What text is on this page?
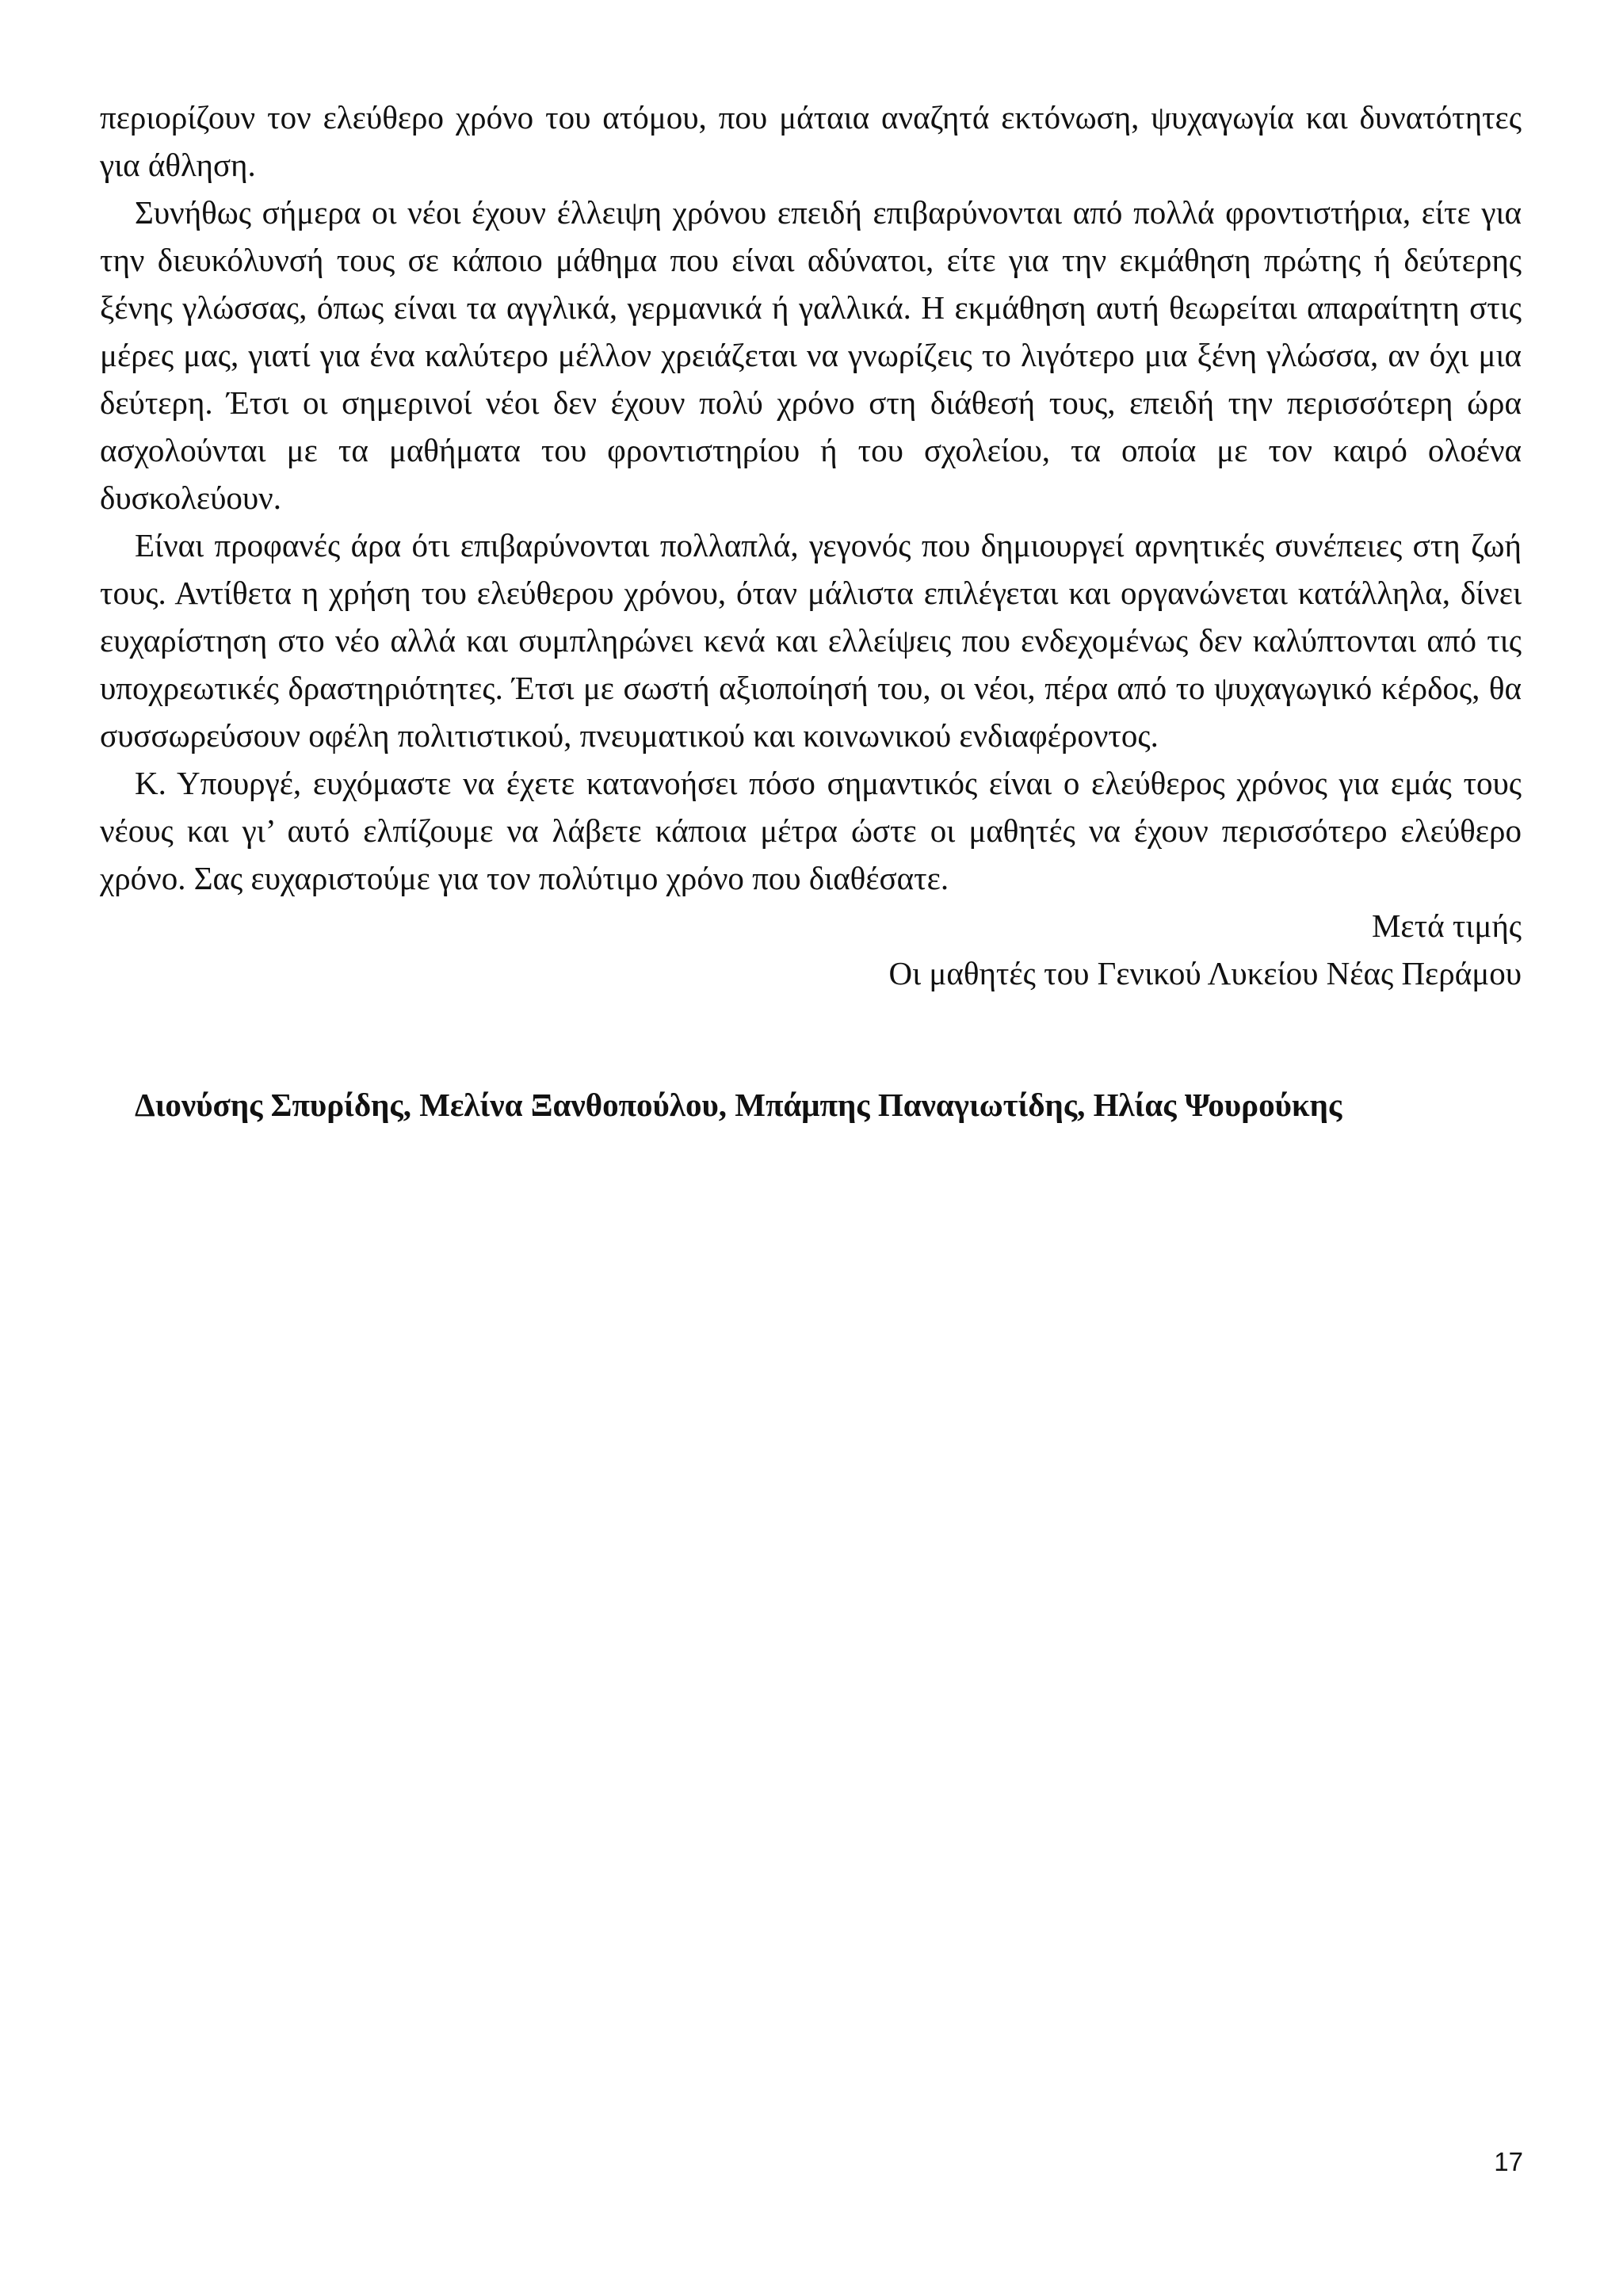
περιορίζουν τον ελεύθερο χρόνο του ατόμου, που μάταια αναζητά εκτόνωση, ψυχαγωγία και δυνατότητες για άθληση.

Συνήθως σήμερα οι νέοι έχουν έλλειψη χρόνου επειδή επιβαρύνονται από πολλά φροντιστήρια, είτε για την διευκόλυνσή τους σε κάποιο μάθημα που είναι αδύνατοι, είτε για την εκμάθηση πρώτης ή δεύτερης ξένης γλώσσας, όπως είναι τα αγγλικά, γερμανικά ή γαλλικά. Η εκμάθηση αυτή θεωρείται απαραίτητη στις μέρες μας, γιατί για ένα καλύτερο μέλλον χρειάζεται να γνωρίζεις το λιγότερο μια ξένη γλώσσα, αν όχι μια δεύτερη. Έτσι οι σημερινοί νέοι δεν έχουν πολύ χρόνο στη διάθεσή τους, επειδή την περισσότερη ώρα ασχολούνται με τα μαθήματα του φροντιστηρίου ή του σχολείου, τα οποία με τον καιρό ολοένα δυσκολεύουν.

Είναι προφανές άρα ότι επιβαρύνονται πολλαπλά, γεγονός που δημιουργεί αρνητικές συνέπειες στη ζωή τους. Αντίθετα η χρήση του ελεύθερου χρόνου, όταν μάλιστα επιλέγεται και οργανώνεται κατάλληλα, δίνει ευχαρίστηση στο νέο αλλά και συμπληρώνει κενά και ελλείψεις που ενδεχομένως δεν καλύπτονται από τις υποχρεωτικές δραστηριότητες. Έτσι με σωστή αξιοποίησή του, οι νέοι, πέρα από το ψυχαγωγικό κέρδος, θα συσσωρεύσουν οφέλη πολιτιστικού, πνευματικού και κοινωνικού ενδιαφέροντος.

Κ. Υπουργέ, ευχόμαστε να έχετε κατανοήσει πόσο σημαντικός είναι ο ελεύθερος χρόνος για εμάς τους νέους και γι’ αυτό ελπίζουμε να λάβετε κάποια μέτρα ώστε οι μαθητές να έχουν περισσότερο ελεύθερο χρόνο. Σας ευχαριστούμε για τον πολύτιμο χρόνο που διαθέσατε.

Μετά τιμής

Οι μαθητές του Γενικού Λυκείου Νέας Περάμου

Διονύσης Σπυρίδης, Μελίνα Ξανθοπούλου, Μπάμπης Παναγιωτίδης, Ηλίας Ψουρούκης

17
